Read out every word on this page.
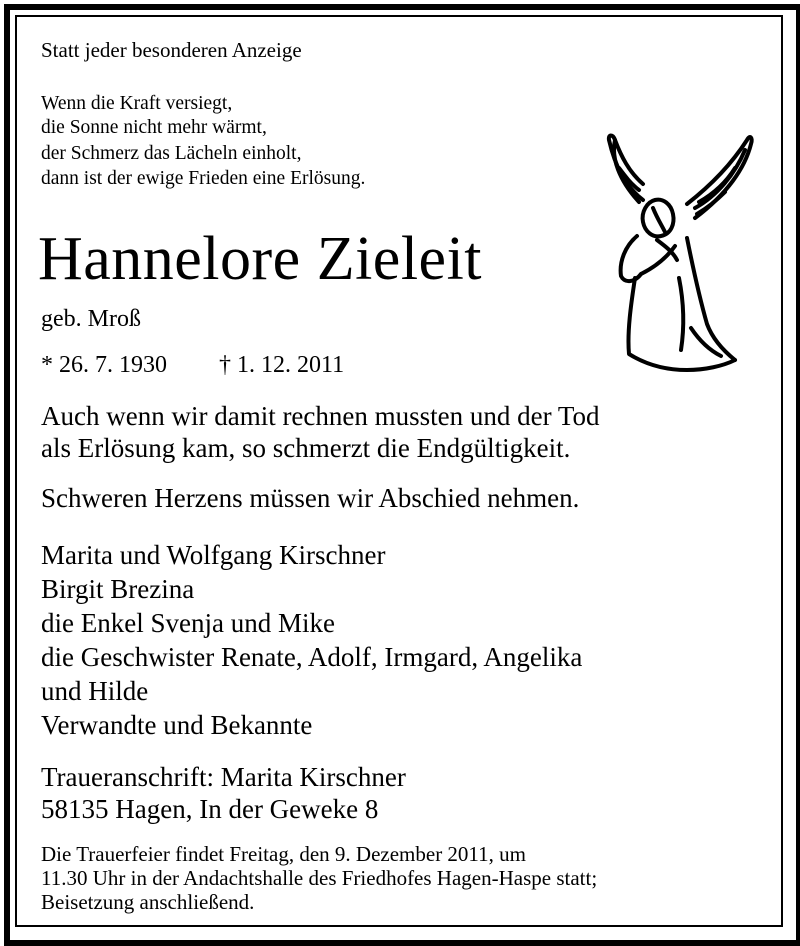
Statt jeder besonderen Anzeige

Wenn die Kraft versiegt,

die Sonne nicht mehr wärmt,

der Schmerz das Lächeln einholt,

dann ist der ewige Frieden eine Erlösung.

Hannelore Zieleit

geb. Mroß

* 26. 7. 1930 † 1. 12. 2011

Auch wenn wir damit rechnen mussten und der Tod

als Erlösung kam, so schmerzt die Endgültigkeit.

Schweren Herzens müssen wir Abschied nehmen.

Marita und Wolfgang Kirschner

Birgit Brezina

die Enkel Svenja und Mike

die Geschwister Renate, Adolf, Irmgard, Angelika

und Hilde

Verwandte und Bekannte

Traueranschrift: Marita Kirschner

58135 Hagen, In der Geweke 8

Die Trauerfeier findet Freitag, den 9. Dezember 2011, um

11.30 Uhr in der Andachtshalle des Friedhofes Hagen-Haspe statt;

Beisetzung anschließend.
